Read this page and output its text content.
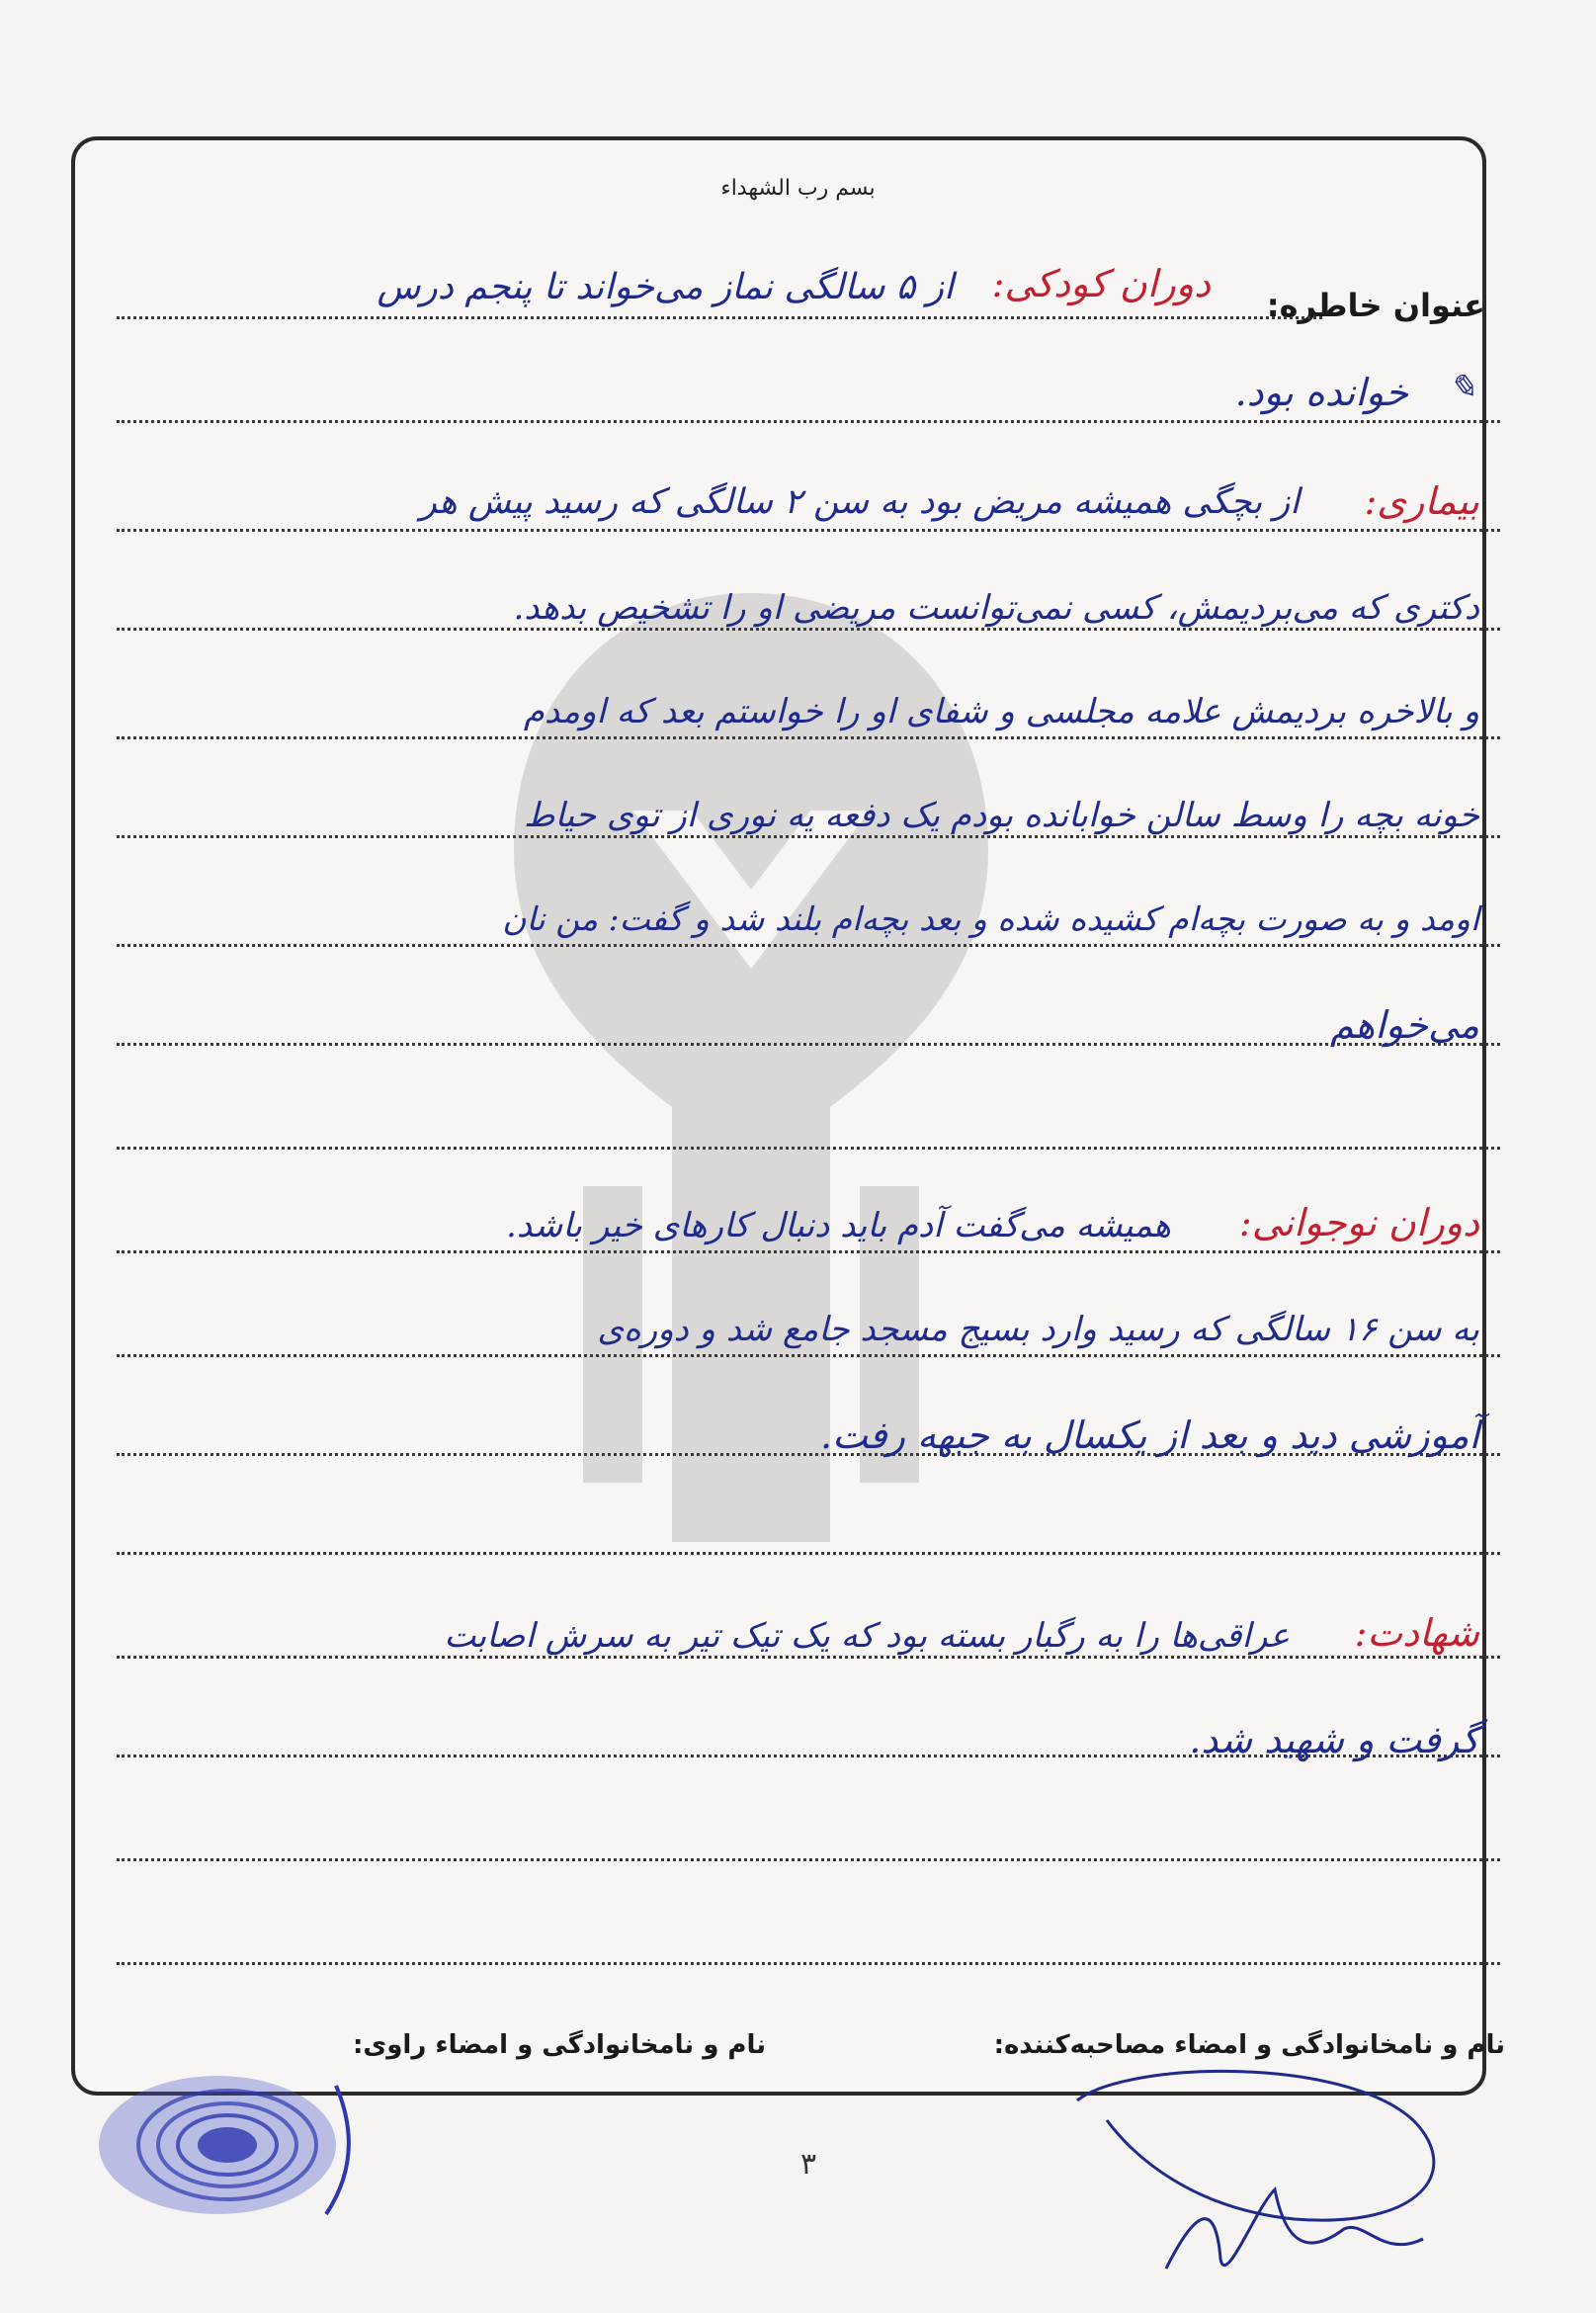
بسم رب الشهداء
عنوان خاطره:
دوران کودکی:
از ۵ سالگی نماز می‌خواند تا پنجم درس
خوانده بود. ✎
بیماری:
از بچگی همیشه مریض بود به سن ۲ سالگی که رسید پیش هر
دکتری که می‌بردیمش، کسی نمی‌توانست مریضی او را تشخیص بدهد.
و بالاخره بردیمش علامه مجلسی و شفای او را خواستم بعد که اومدم
خونه بچه را وسط سالن خوابانده بودم یک دفعه یه نوری از توی حیاط
اومد و به صورت بچه‌ام کشیده شده و بعد بچه‌ام بلند شد و گفت: من نان
می‌خواهم
دوران نوجوانی:
همیشه می‌گفت آدم باید دنبال کارهای خیر باشد.
به سن ۱۶ سالگی که رسید وارد بسیج مسجد جامع شد و دوره‌ی
آموزشی دید و بعد از یکسال به جبهه رفت.
شهادت:
عراقی‌ها را به رگبار بسته بود که یک تیک تیر به سرش اصابت
گرفت و شهید شد.
نام و نامخانوادگی و امضاء مصاحبه‌کننده:
نام و نامخانوادگی و امضاء راوی:
۳
